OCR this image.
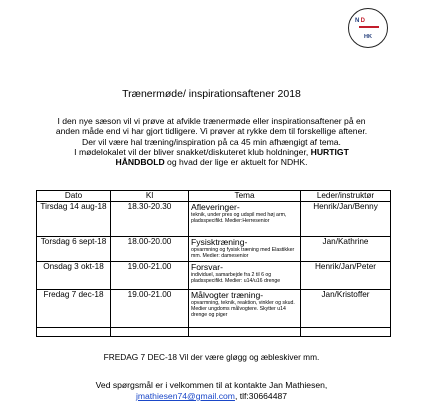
N D
HK
Trænermøde/ inspirationsaftener 2018
I den nye sæson vil vi prøve at afvikle trænermøde eller inspirationsaftener på en
anden måde end vi har gjort tidligere. Vi prøver at rykke dem til forskellige aftener.
Der vil være hal træning/inspiration på ca 45 min afhængigt af tema.
I mødelokalet vil der bliver snakket/diskuteret klub holdninger, HURTIGT
HÅNDBOLD og hvad der lige er aktuelt for NDHK.
Dato	Kl	Tema	Leder/instruktør
Tirsdag 14 aug-18	18.30-20.30	Afleveringer-
teknik, under pres og udspil med høj arm, pladsspecifikt. Medier:Herresenior	Henrik/Jan/Benny
Torsdag 6 sept-18	18.00-20.00	Fysisktræning-
opvarmning og fysisk træning med Elastikker mm. Medier: damesenior	Jan/Kathrine
Onsdag 3 okt-18	19.00-21.00	Forsvar-
individuel, samarbejde fra 2 til 6 og pladsspecifikt. Medier: u14/u16 drenge	Henrik/Jan/Peter
Fredag 7 dec-18	19.00-21.00	Målvogter træning-
opvarmning, teknik, reaktion, vinkler og skud. Medier ungdoms målvogtere. Skytter u14 drenge og piger	Jan/Kristoffer

FREDAG 7 DEC-18 Vil der være gløgg og æbleskiver mm.
Ved spørgsmål er i velkommen til at kontakte Jan Mathiesen,
jmathiesen74@gmail.com, tlf:30664487
